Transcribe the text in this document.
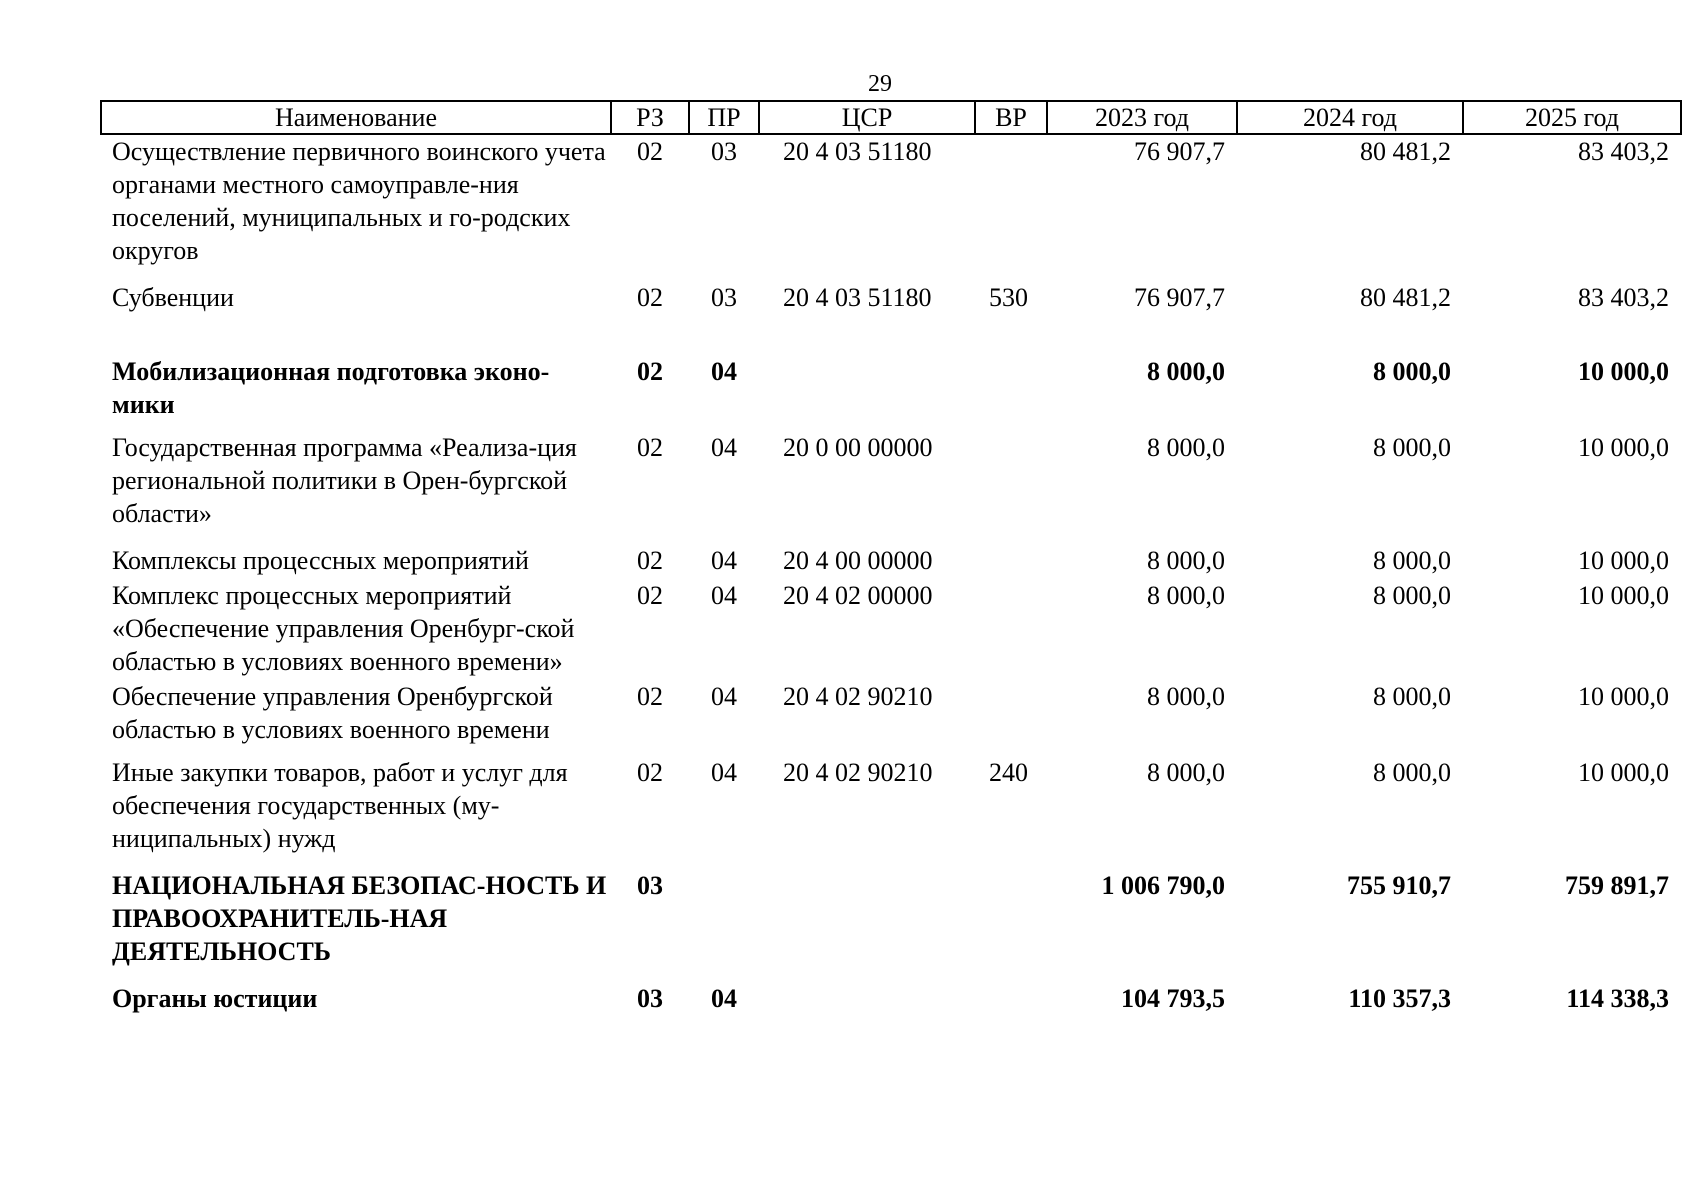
29
Наименование	РЗ	ПР	ЦСР	ВР	2023 год	2024 год	2025 год
Осуществление первичного воинского учета органами местного самоуправле-ния поселений, муниципальных и го-родских округов	02	03	20 4 03 51180		76 907,7	80 481,2	83 403,2
Субвенции	02	03	20 4 03 51180	530	76 907,7	80 481,2	83 403,2
Мобилизационная подготовка эконо-мики	02	04			8 000,0	8 000,0	10 000,0
Государственная программа «Реализа-ция региональной политики в Орен-бургской области»	02	04	20 0 00 00000		8 000,0	8 000,0	10 000,0
Комплексы процессных мероприятий	02	04	20 4 00 00000		8 000,0	8 000,0	10 000,0
Комплекс процессных мероприятий «Обеспечение управления Оренбург-ской областью в условиях военного времени»	02	04	20 4 02 00000		8 000,0	8 000,0	10 000,0
Обеспечение управления Оренбургской областью в условиях военного времени	02	04	20 4 02 90210		8 000,0	8 000,0	10 000,0
Иные закупки товаров, работ и услуг для обеспечения государственных (му-ниципальных) нужд	02	04	20 4 02 90210	240	8 000,0	8 000,0	10 000,0
НАЦИОНАЛЬНАЯ БЕЗОПАС-НОСТЬ И ПРАВООХРАНИТЕЛЬ-НАЯ ДЕЯТЕЛЬНОСТЬ	03				1 006 790,0	755 910,7	759 891,7
Органы юстиции	03	04			104 793,5	110 357,3	114 338,3
